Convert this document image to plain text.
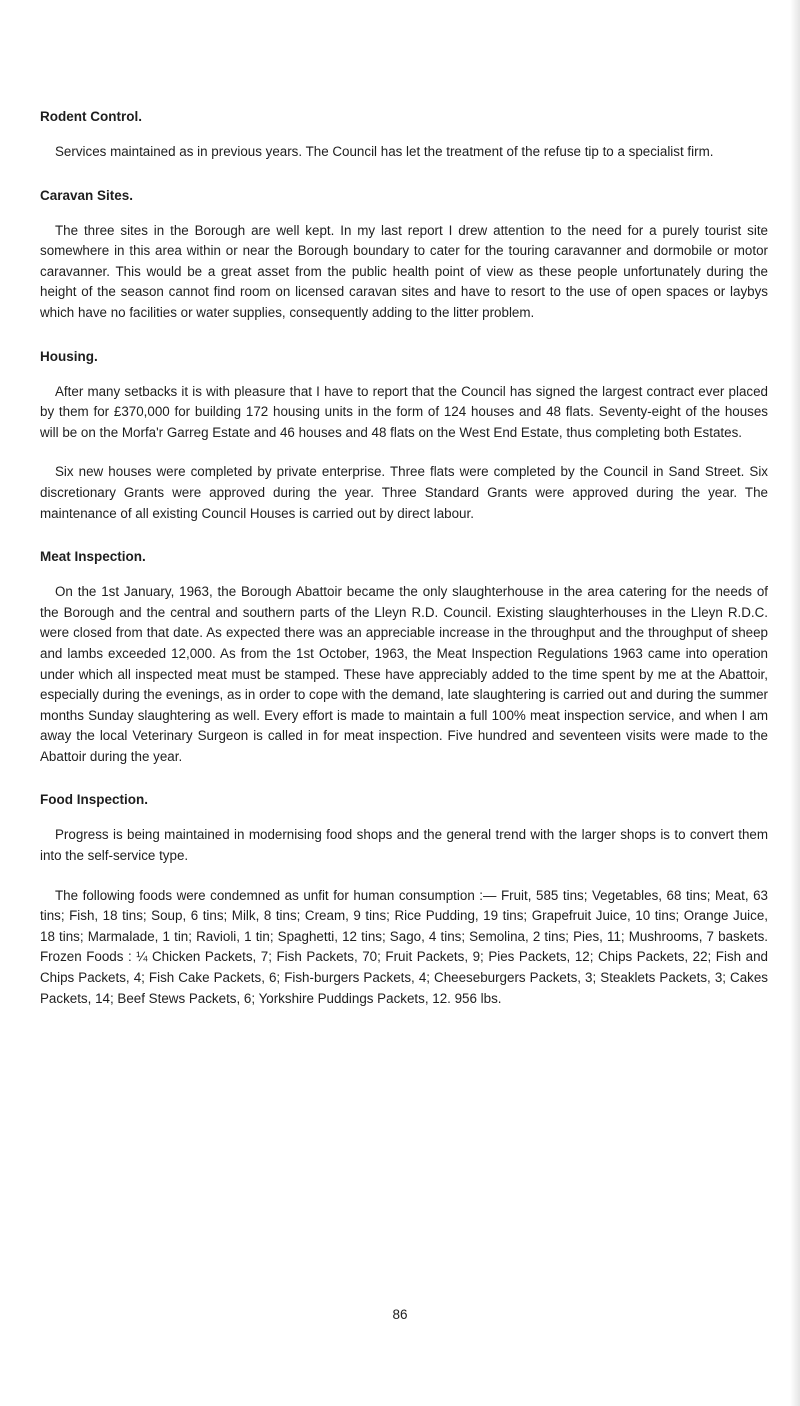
Rodent Control.

Services maintained as in previous years. The Council has let the treatment of the refuse tip to a specialist firm.

Caravan Sites.

The three sites in the Borough are well kept. In my last report I drew attention to the need for a purely tourist site somewhere in this area within or near the Borough boundary to cater for the touring caravanner and dormobile or motor caravanner. This would be a great asset from the public health point of view as these people unfortunately during the height of the season cannot find room on licensed caravan sites and have to resort to the use of open spaces or laybys which have no facilities or water supplies, consequently adding to the litter problem.

Housing.

After many setbacks it is with pleasure that I have to report that the Council has signed the largest contract ever placed by them for £370,000 for building 172 housing units in the form of 124 houses and 48 flats. Seventy-eight of the houses will be on the Morfa'r Garreg Estate and 46 houses and 48 flats on the West End Estate, thus completing both Estates.

Six new houses were completed by private enterprise. Three flats were completed by the Council in Sand Street. Six discretionary Grants were approved during the year. Three Standard Grants were approved during the year. The maintenance of all existing Council Houses is carried out by direct labour.

Meat Inspection.

On the 1st January, 1963, the Borough Abattoir became the only slaughterhouse in the area catering for the needs of the Borough and the central and southern parts of the Lleyn R.D. Council. Existing slaughterhouses in the Lleyn R.D.C. were closed from that date. As expected there was an appreciable increase in the throughput and the throughput of sheep and lambs exceeded 12,000. As from the 1st October, 1963, the Meat Inspection Regulations 1963 came into operation under which all inspected meat must be stamped. These have appreciably added to the time spent by me at the Abattoir, especially during the evenings, as in order to cope with the demand, late slaughtering is carried out and during the summer months Sunday slaughtering as well. Every effort is made to maintain a full 100% meat inspection service, and when I am away the local Veterinary Surgeon is called in for meat inspection. Five hundred and seventeen visits were made to the Abattoir during the year.

Food Inspection.

Progress is being maintained in modernising food shops and the general trend with the larger shops is to convert them into the self-service type.

The following foods were condemned as unfit for human consumption :— Fruit, 585 tins; Vegetables, 68 tins; Meat, 63 tins; Fish, 18 tins; Soup, 6 tins; Milk, 8 tins; Cream, 9 tins; Rice Pudding, 19 tins; Grapefruit Juice, 10 tins; Orange Juice, 18 tins; Marmalade, 1 tin; Ravioli, 1 tin; Spaghetti, 12 tins; Sago, 4 tins; Semolina, 2 tins; Pies, 11; Mushrooms, 7 baskets. Frozen Foods : ¼ Chicken Packets, 7; Fish Packets, 70; Fruit Packets, 9; Pies Packets, 12; Chips Packets, 22; Fish and Chips Packets, 4; Fish Cake Packets, 6; Fish-burgers Packets, 4; Cheeseburgers Packets, 3; Steaklets Packets, 3; Cakes Packets, 14; Beef Stews Packets, 6; Yorkshire Puddings Packets, 12. 956 lbs.

86
